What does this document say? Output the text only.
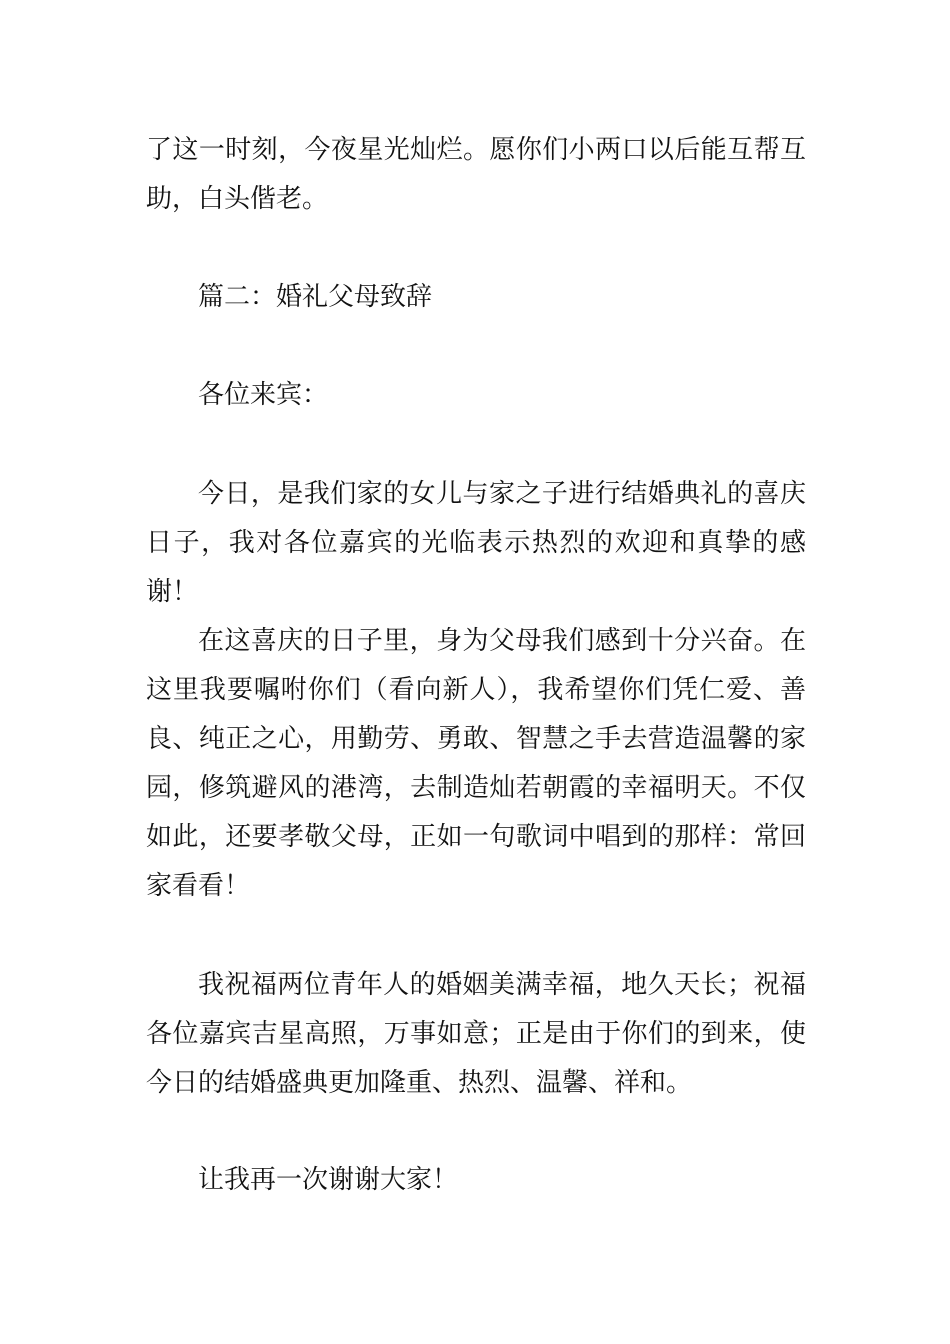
了这一时刻，今夜星光灿烂。愿你们小两口以后能互帮互助，白头偕老。

篇二：婚礼父母致辞

各位来宾：

今日，是我们家的女儿与家之子进行结婚典礼的喜庆日子，我对各位嘉宾的光临表示热烈的欢迎和真挚的感谢！

在这喜庆的日子里，身为父母我们感到十分兴奋。在这里我要嘱咐你们（看向新人），我希望你们凭仁爱、善良、纯正之心，用勤劳、勇敢、智慧之手去营造温馨的家园，修筑避风的港湾，去制造灿若朝霞的幸福明天。不仅如此，还要孝敬父母，正如一句歌词中唱到的那样：常回家看看！

我祝福两位青年人的婚姻美满幸福，地久天长；祝福各位嘉宾吉星高照，万事如意；正是由于你们的到来，使今日的结婚盛典更加隆重、热烈、温馨、祥和。

让我再一次谢谢大家！
